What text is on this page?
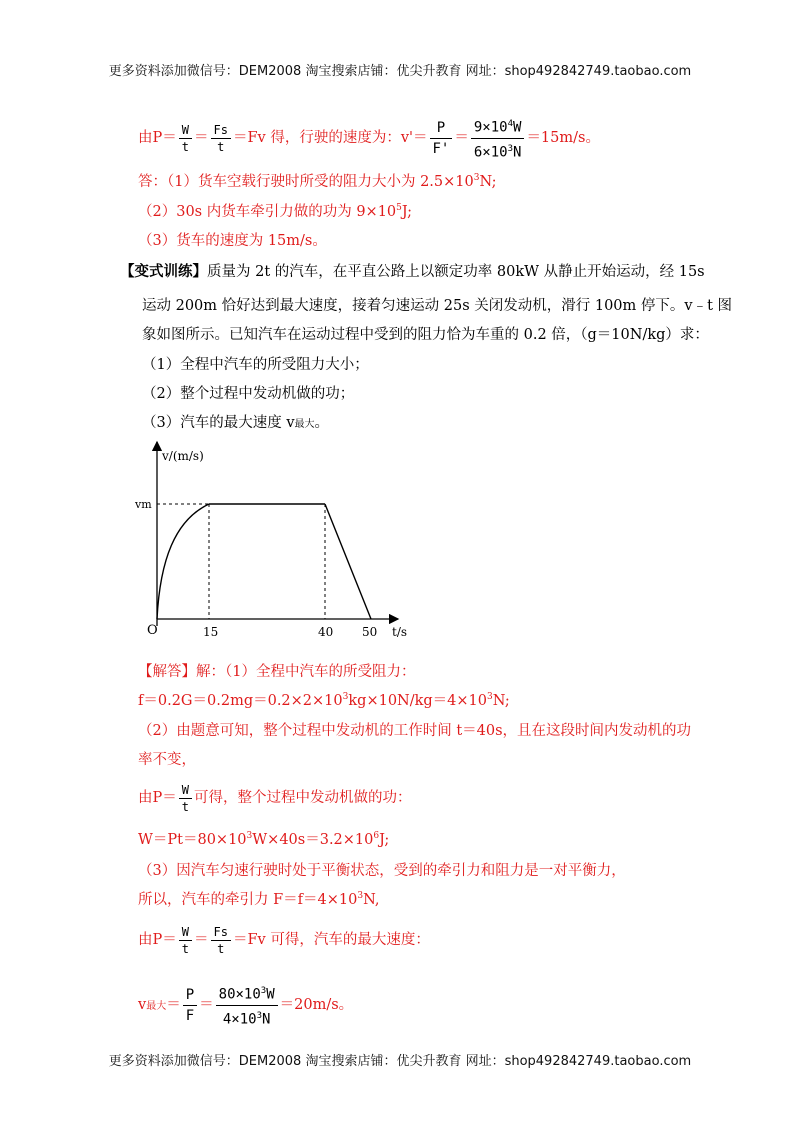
更多资料添加微信号：DEM2008 淘宝搜索店铺：优尖升教育 网址：shop492842749.taobao.com
由$P= \frac{W}{t} = \frac{Fs}{t} =Fv$ 得，行驶的速度为：$v'= \frac{P}{F'} = \frac{9\times 10^4W}{6\times 10^3N} =15m/s$。
答：（1）货车空载行驶时所受的阻力大小为 $2.5\times 10^3N$;
（2）30s 内货车牵引力做的功为 $9\times 10^5J$;
（3）货车的速度为 15m/s。
【变式训练】质量为 2t 的汽车，在平直公路上以额定功率 80kW 从静止开始运动，经 15s
运动 200m 恰好达到最大速度，接着匀速运动 25s 关闭发动机，滑行 100m 停下。v﹣t 图
象如图所示。已知汽车在运动过程中受到的阻力恰为车重的 0.2 倍，（g＝10N/kg）求：
（1）全程中汽车的所受阻力大小；
（2）整个过程中发动机做的功；
（3）汽车的最大速度 v最大。
v/(m/s)
t/s
O
vm
15	40 50
【解答】解：（1）全程中汽车的所受阻力：
$f=0.2G=0.2mg=0.2\times 2\times 10^3kg\times 10N/kg=4\times 10^3N$;
（2）由题意可知，整个过程中发动机的工作时间 t＝40s，且在这段时间内发动机的功
率不变，
由$P= \frac{W}{t}$ 可得，整个过程中发动机做的功：
$W=Pt=80\times 10^3W\times 40s=3.2\times 10^6J$;
（3）因汽车匀速行驶时处于平衡状态，受到的牵引力和阻力是一对平衡力，
所以，汽车的牵引力 $F=f=4\times 10^3N$,
由$P= \frac{W}{t} = \frac{Fs}{t} =Fv$ 可得，汽车的最大速度：
v最大＝ $\frac{P}{F} = \frac{80\times 10^3W}{4\times 10^3N} =20m/s$。
更多资料添加微信号：DEM2008 淘宝搜索店铺：优尖升教育 网址：shop492842749.taobao.com
